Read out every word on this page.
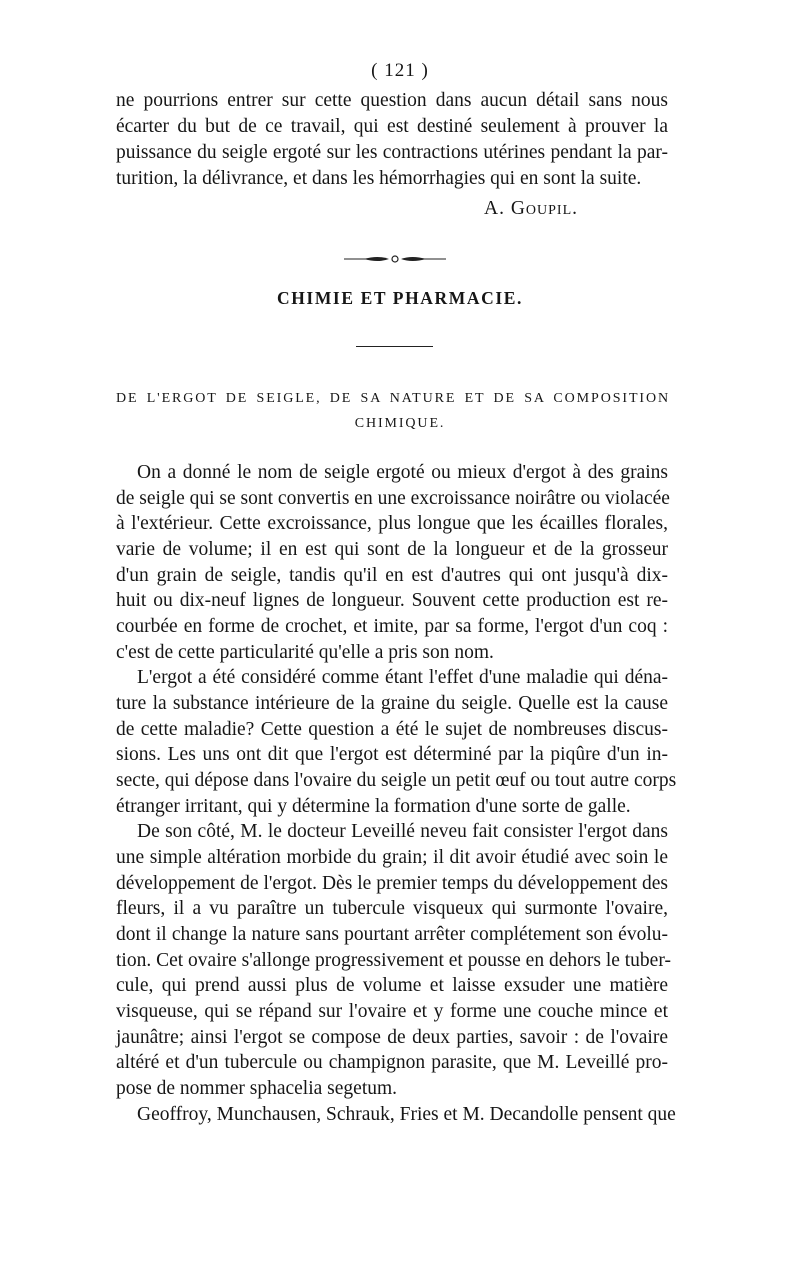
( 121 )
ne pourrions entrer sur cette question dans aucun détail sans nous
écarter du but de ce travail, qui est destiné seulement à prouver la
puissance du seigle ergoté sur les contractions utérines pendant la par-
turition, la délivrance, et dans les hémorrhagies qui en sont la suite.
A. Goupil.
CHIMIE ET PHARMACIE.
DE L'ERGOT DE SEIGLE, DE SA NATURE ET DE SA COMPOSITION
CHIMIQUE.
On a donné le nom de seigle ergoté ou mieux d'ergot à des grains
de seigle qui se sont convertis en une excroissance noirâtre ou violacée
à l'extérieur. Cette excroissance, plus longue que les écailles florales,
varie de volume; il en est qui sont de la longueur et de la grosseur
d'un grain de seigle, tandis qu'il en est d'autres qui ont jusqu'à dix-
huit ou dix-neuf lignes de longueur. Souvent cette production est re-
courbée en forme de crochet, et imite, par sa forme, l'ergot d'un coq :
c'est de cette particularité qu'elle a pris son nom.
L'ergot a été considéré comme étant l'effet d'une maladie qui déna-
ture la substance intérieure de la graine du seigle. Quelle est la cause
de cette maladie? Cette question a été le sujet de nombreuses discus-
sions. Les uns ont dit que l'ergot est déterminé par la piqûre d'un in-
secte, qui dépose dans l'ovaire du seigle un petit œuf ou tout autre corps
étranger irritant, qui y détermine la formation d'une sorte de galle.
De son côté, M. le docteur Leveillé neveu fait consister l'ergot dans
une simple altération morbide du grain; il dit avoir étudié avec soin le
développement de l'ergot. Dès le premier temps du développement des
fleurs, il a vu paraître un tubercule visqueux qui surmonte l'ovaire,
dont il change la nature sans pourtant arrêter complétement son évolu-
tion. Cet ovaire s'allonge progressivement et pousse en dehors le tuber-
cule, qui prend aussi plus de volume et laisse exsuder une matière
visqueuse, qui se répand sur l'ovaire et y forme une couche mince et
jaunâtre; ainsi l'ergot se compose de deux parties, savoir : de l'ovaire
altéré et d'un tubercule ou champignon parasite, que M. Leveillé pro-
pose de nommer sphacelia segetum.
Geoffroy, Munchausen, Schrauk, Fries et M. Decandolle pensent que
